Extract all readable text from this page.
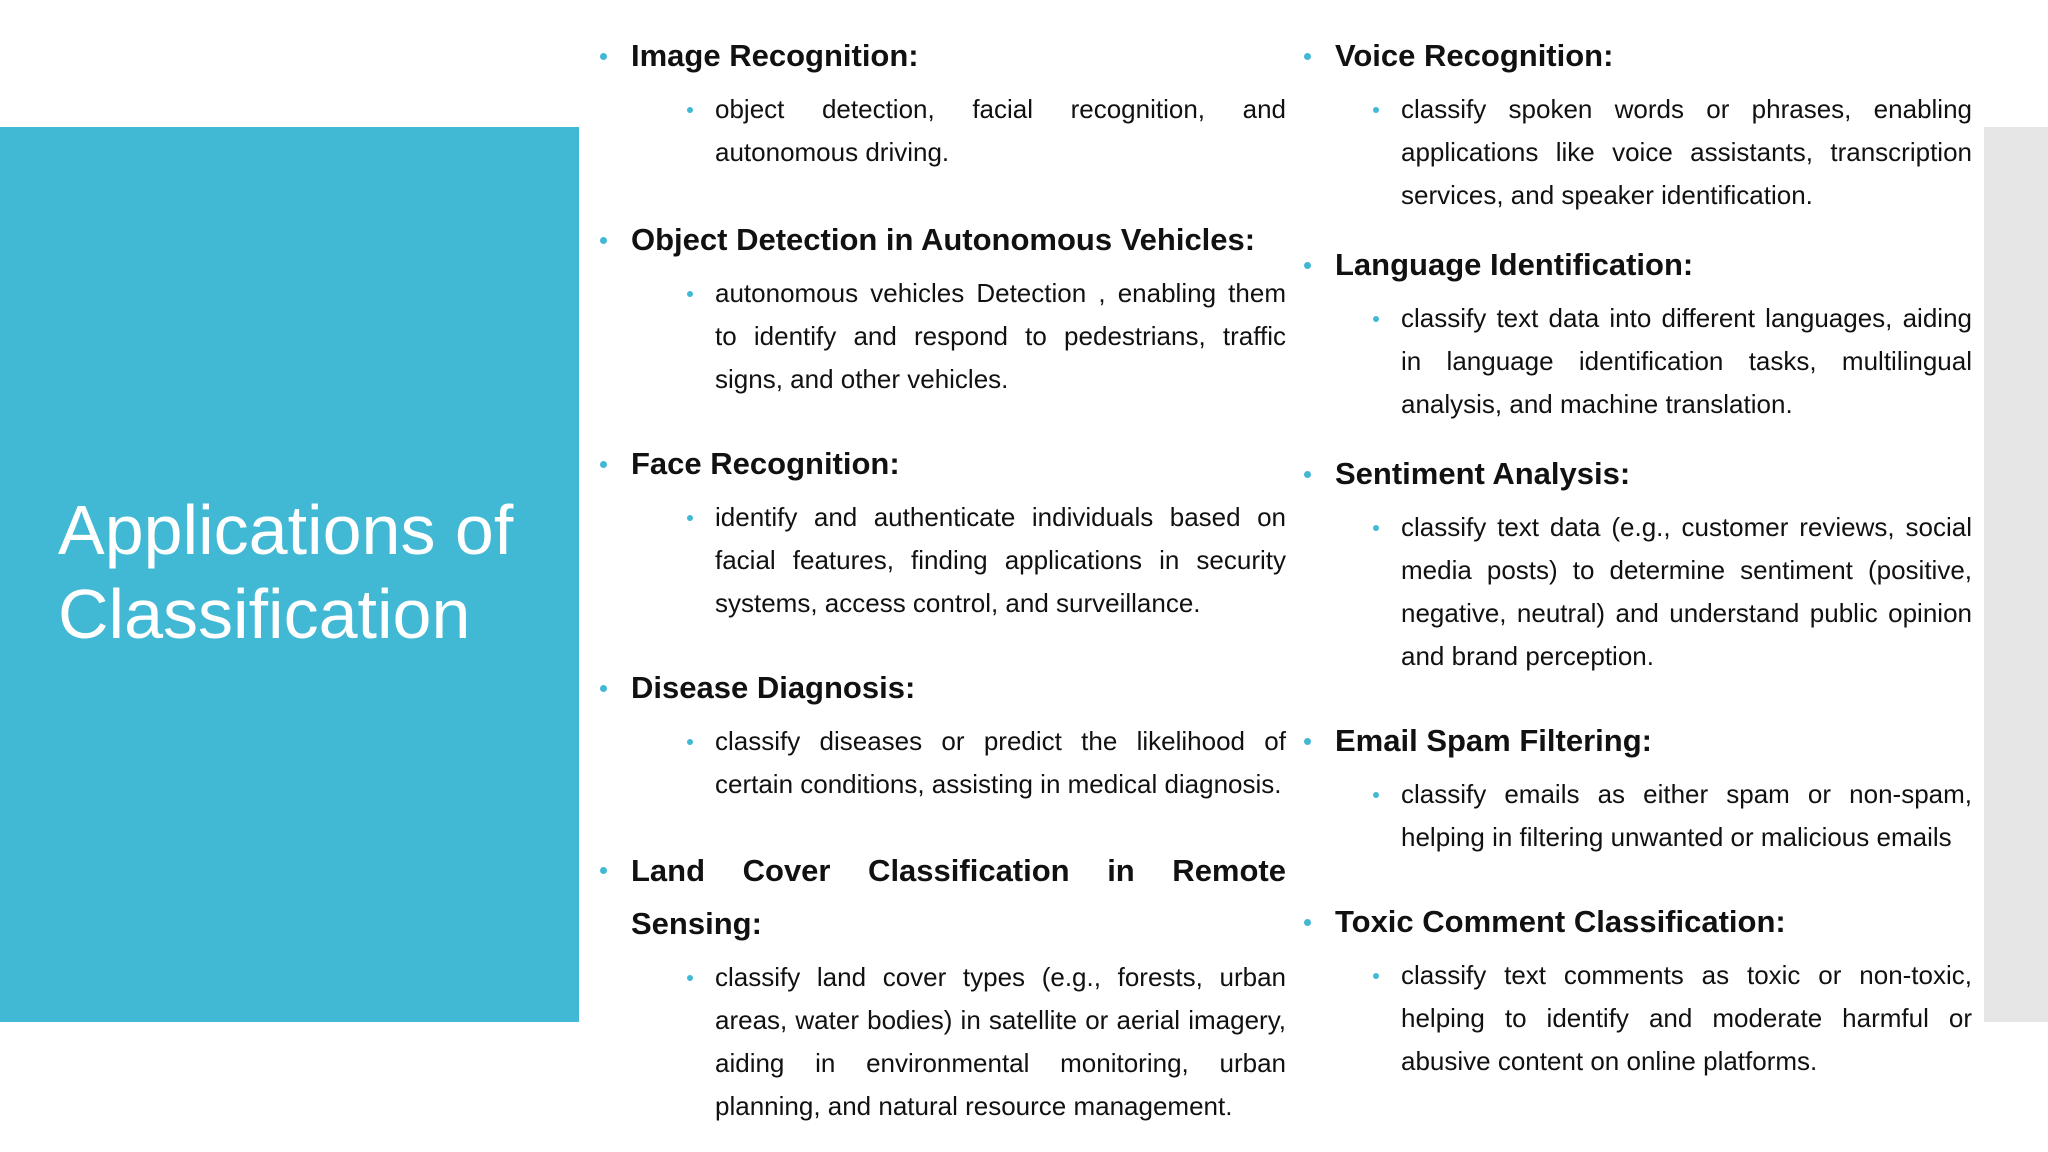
Applications of Classification

Image Recognition:

object detection, facial recognition, and autonomous driving.

Object Detection in Autonomous Vehicles:

autonomous vehicles Detection , enabling them to identify and respond to pedestrians, traffic signs, and other vehicles.

Face Recognition:

identify and authenticate individuals based on facial features, finding applications in security systems, access control, and surveillance.

Disease Diagnosis:

classify diseases or predict the likelihood of certain conditions, assisting in medical diagnosis.

Land Cover Classification in Remote Sensing:

classify land cover types (e.g., forests, urban areas, water bodies) in satellite or aerial imagery, aiding in environmental monitoring, urban planning, and natural resource management.

Voice Recognition:

classify spoken words or phrases, enabling applications like voice assistants, transcription services, and speaker identification.

Language Identification:

classify text data into different languages, aiding in language identification tasks, multilingual analysis, and machine translation.

Sentiment Analysis:

classify text data (e.g., customer reviews, social media posts) to determine sentiment (positive, negative, neutral) and understand public opinion and brand perception.

Email Spam Filtering:

classify emails as either spam or non-spam, helping in filtering unwanted or malicious emails

Toxic Comment Classification:

classify text comments as toxic or non-toxic, helping to identify and moderate harmful or abusive content on online platforms.
